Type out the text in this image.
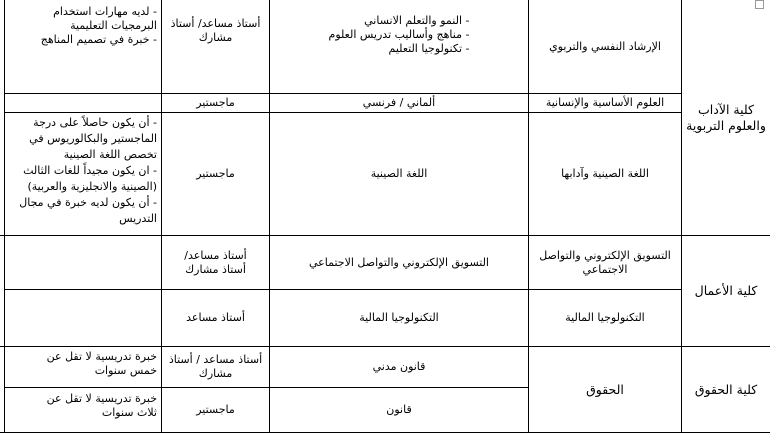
كلية الآداب والعلوم التربوية
كلية الأعمال
كلية الحقوق
الإرشاد النفسي والتربوي
- النمو والتعلم الانساني
- مناهج وأساليب تدريس العلوم
- تكنولوجيا التعليم
أستاذ مساعد/ أستاذ
مشارك
- لديه مهارات استخدام
البرمجيات التعليمية
- خبرة في تصميم المناهج
العلوم الأساسية والإنسانية
ألماني / فرنسي
ماجستير
اللغة الصينية وآدابها
اللغة الصينية
ماجستير
- أن يكون حاصلاً على درجة
الماجستير والبكالوريوس في
تخصص اللغة الصينية
- ان يكون مجيداً للغات الثالث
(الصينية والانجليزية والعربية)
- أن يكون لديه خبرة في مجال
التدريس
التسويق الإلكتروني والتواصل
الاجتماعي
التسويق الإلكتروني والتواصل الاجتماعي
أستاذ مساعد/
أستاذ مشارك
التكنولوجيا المالية
التكنولوجيا المالية
أستاذ مساعد
الحقوق
قانون مدني
أستاذ مساعد / أستاذ
مشارك
خبرة تدريسية لا تقل عن
خمس سنوات
قانون
ماجستير
خبرة تدريسية لا تقل عن
ثلاث سنوات
